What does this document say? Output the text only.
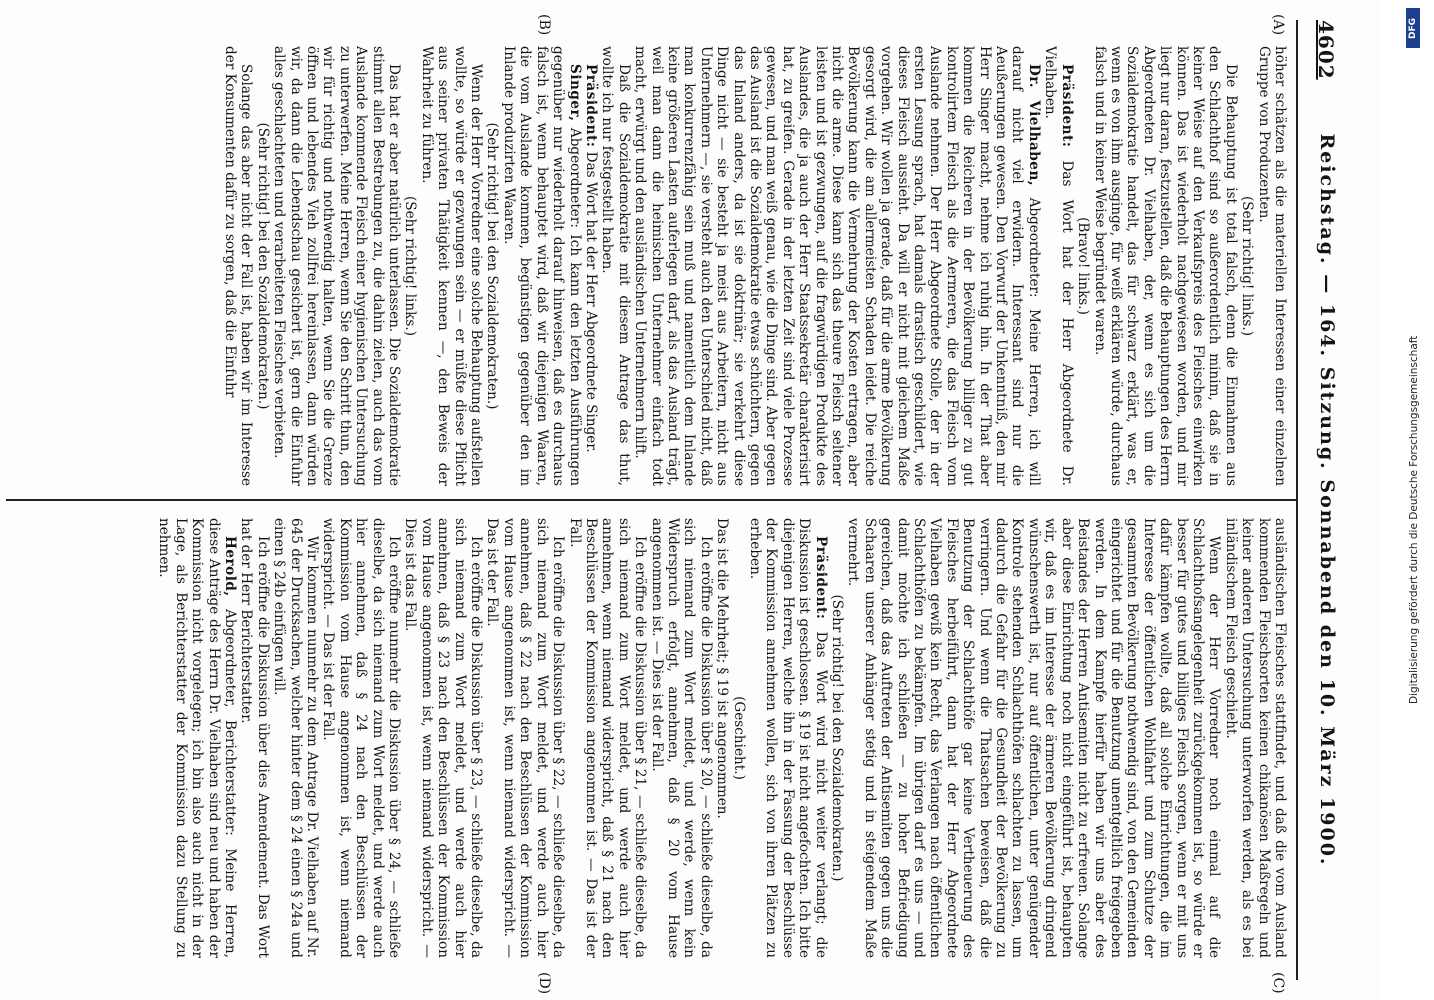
4602
Reichstag. — 164. Sitzung. Sonnabend den 10. März 1900.
(A)
(B)
(C)
(D)

höher schätzen als die materiellen Interessen einer einzelnen Gruppe von Produzenten.

(Sehr richtig! links.)

Die Behauptung ist total falsch, denn die Einnahmen aus den Schlachthof sind so außerordentlich minim, daß sie in keiner Weise auf den Verkaufspreis des Fleisches einwirken können. Das ist wiederholt nachgewiesen worden, und mir liegt nur daran, festzustellen, daß die Behauptungen des Herrn Abgeordneten Dr. Vielhaben, der, wenn es sich um die Sozialdemokratie handelt, das für schwarz erklärt, was er, wenn es von ihm ausginge, für weiß erklären würde, durchaus falsch und in keiner Weise begründet waren.

(Bravo! links.)

Präsident: Das Wort hat der Herr Abgeordnete Dr. Vielhaben.

Dr. Vielhaben, Abgeordneter: Meine Herren, ich will darauf nicht viel erwidern. Interessant sind nur die Aeußerungen gewesen. Den Vorwurf der Unkenntniß, den mir Herr Singer macht, nehme ich ruhig hin. In der That aber kommen die Reicheren in der Bevölkerung billiger zu gut kontrolirtem Fleisch als die Aermeren, die das Fleisch vom Auslande nehmen. Der Herr Abgeordnete Stolle, der in der ersten Lesung sprach, hat damals drastisch geschildert, wie dieses Fleisch aussieht. Da will er nicht mit gleichem Maße vorgehen. Wir wollen ja gerade, daß für die arme Bevölkerung gesorgt wird, die am allermeisten Schaden leidet. Die reiche Bevölkerung kann die Vermehrung der Kosten ertragen, aber nicht die arme. Diese kann sich das theure Fleisch seltener leisten und ist gezwungen, auf die fragwürdigen Produkte des Auslandes, die ja auch der Herr Staatssekretär charakterisirt hat, zu greifen. Gerade in der letzten Zeit sind viele Prozesse gewesen, und man weiß genau, wie die Dinge sind. Aber gegen das Ausland ist die Sozialdemokratie etwas schüchtern, gegen das Inland anders, da ist sie doktrinär; sie verkehrt diese Dinge nicht — sie besteht ja meist aus Arbeitern, nicht aus Unternehmern —, sie versteht auch den Unterschied nicht, daß man konkurrenzfähig sein muß und namentlich dem Inlande keine größeren Lasten auferlegen darf, als das Ausland trägt, weil man dann die heimischen Unternehmer einfach todt macht, erwürgt und den ausländischen Unternehmern hilft.

Daß die Sozialdemokratie mit diesem Antrage das thut, wollte ich nur festgestellt haben.

Präsident: Das Wort hat der Herr Abgeordnete Singer.

Singer, Abgeordneter: Ich kann den letzten Ausführungen gegenüber nur wiederholt darauf hinweisen, daß es durchaus falsch ist, wenn behauptet wird, daß wir diejenigen Waaren, die vom Auslande kommen, begünstigen gegenüber den im Inlande produzirten Waaren.

(Sehr richtig! bei den Sozialdemokraten.)

Wenn der Herr Vorredner eine solche Behauptung aufstellen wollte, so würde er gezwungen sein — er müßte diese Pflicht aus seiner privaten Thätigkeit kennen —, den Beweis der Wahrheit zu führen.

(Sehr richtig! links.)

Das hat er aber natürlich unterlassen. Die Sozialdemokratie stimmt allen Bestrebungen zu, die dahin zielen, auch das vom Auslande kommende Fleisch einer hygienischen Untersuchung zu unterwerfen. Meine Herren, wenn Sie den Schritt thun, den wir für richtig und nothwendig halten, wenn Sie die Grenze öffnen und lebendes Vieh zollfrei hereinlassen, dann würden wir, da dann die Lebendschau gesichert ist, gern die Einfuhr alles geschlachteten und verarbeiteten Fleisches verbieten.

(Sehr richtig! bei den Sozialdemokraten.)

Solange das aber nicht der Fall ist, haben wir im Interesse der Konsumenten dafür zu sorgen, daß die Einfuhr

ausländischen Fleisches stattfindet, und daß die vom Ausland kommenden Fleischsorten keinen chikanösen Maßregeln und keiner anderen Untersuchung unterworfen werden, als es bei inländischem Fleisch geschieht.

Wenn der Herr Vorredner noch einmal auf die Schlachthofsangelegenheit zurückgekommen ist, so würde er besser für gutes und billiges Fleisch sorgen, wenn er mit uns dafür kämpfen wollte, daß all solche Einrichtungen, die im Interesse der öffentlichen Wohlfahrt und zum Schutze der gesammten Bevölkerung nothwendig sind, von den Gemeinden eingerichtet und für die Benutzung unentgeltlich freigegeben werden. In dem Kampfe hierfür haben wir uns aber des Beistandes der Herren Antisemiten nicht zu erfreuen. Solange aber diese Einrichtung noch nicht eingeführt ist, behaupten wir, daß es im Interesse der ärmeren Bevölkerung dringend wünschenswerth ist, nur auf öffentlichen, unter genügender Kontrole stehenden Schlachthöfen schlachten zu lassen, um dadurch die Gefahr für die Gesundheit der Bevölkerung zu verringern. Und wenn die Thatsachen beweisen, daß die Benutzung der Schlachthöfe gar keine Vertheuerung des Fleisches herbeiführt, dann hat der Herr Abgeordnete Vielhaben gewiß kein Recht, das Verlangen nach öffentlichen Schlachthöfen zu bekämpfen. Im übrigen darf es uns — und damit möchte ich schließen — zu hoher Befriedigung gereichen, daß das Auftreten der Antisemiten gegen uns die Schaaren unserer Anhänger stetig und in steigendem Maße vermehrt.

(Sehr richtig! bei den Sozialdemokraten.)

Präsident: Das Wort wird nicht weiter verlangt; die Diskussion ist geschlossen. § 19 ist nicht angefochten. Ich bitte diejenigen Herren, welche ihn in der Fassung der Beschlüsse der Kommission annehmen wollen, sich von ihren Plätzen zu erheben.

(Geschieht.)

Das ist die Mehrheit; § 19 ist angenommen.

Ich eröffne die Diskussion über § 20, — schließe dieselbe, da sich niemand zum Wort meldet, und werde, wenn kein Widerspruch erfolgt, annehmen, daß § 20 vom Hause angenommen ist. — Dies ist der Fall.

Ich eröffne die Diskussion über § 21, — schließe dieselbe, da sich niemand zum Wort meldet, und werde auch hier annehmen, wenn niemand widerspricht, daß § 21 nach den Beschlüssen der Kommission angenommen ist. — Das ist der Fall.

Ich eröffne die Diskussion über § 22, — schließe dieselbe, da sich niemand zum Wort meldet, und werde auch hier annehmen, daß § 22 nach den Beschlüssen der Kommission vom Hause angenommen ist, wenn niemand widerspricht. — Das ist der Fall.

Ich eröffne die Diskussion über § 23, — schließe dieselbe, da sich niemand zum Wort meldet, und werde auch hier annehmen, daß § 23 nach den Beschlüssen der Kommission vom Hause angenommen ist, wenn niemand widerspricht. — Dies ist das Fall.

Ich eröffne nunmehr die Diskussion über § 24, — schließe dieselbe, da sich niemand zum Wort meldet, und werde auch hier annehmen, daß § 24 nach den Beschlüssen der Kommission vom Hause angenommen ist, wenn niemand widerspricht. — Das ist der Fall.

Wir kommen nunmehr zu dem Antrage Dr. Vielhaben auf Nr. 645 der Drucksachen, welcher hinter dem § 24 einen § 24a und einen § 24b einfügen will.

Ich eröffne die Diskussion über dies Amendement. Das Wort hat der Herr Berichterstatter.

Herold, Abgeordneter, Berichterstatter: Meine Herren, diese Anträge des Herrn Dr. Vielhaben sind neu und haben der Kommission nicht vorgelegen; ich bin also auch nicht in der Lage, als Berichterstatter der Kommission dazu Stellung zu nehmen.

DFG
Digitalisierung gefördert durch die Deutsche Forschungsgemeinschaft
